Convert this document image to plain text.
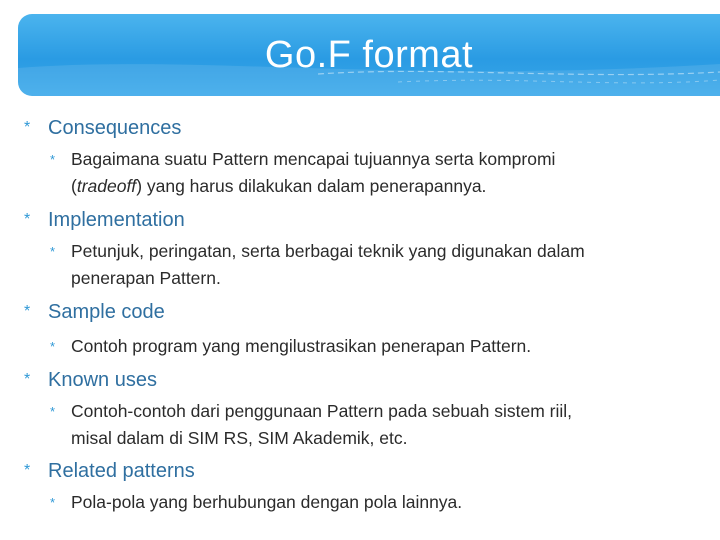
Go.F format
* Consequences
* Bagaimana suatu Pattern mencapai tujuannya serta kompromi
(tradeoff) yang harus dilakukan dalam penerapannya.
* Implementation
* Petunjuk, peringatan, serta berbagai teknik yang digunakan dalam
penerapan Pattern.
* Sample code
* Contoh program yang mengilustrasikan penerapan Pattern.
* Known uses
* Contoh-contoh dari penggunaan Pattern pada sebuah sistem riil,
misal dalam di SIM RS, SIM Akademik, etc.
* Related patterns
* Pola-pola yang berhubungan dengan pola lainnya.
